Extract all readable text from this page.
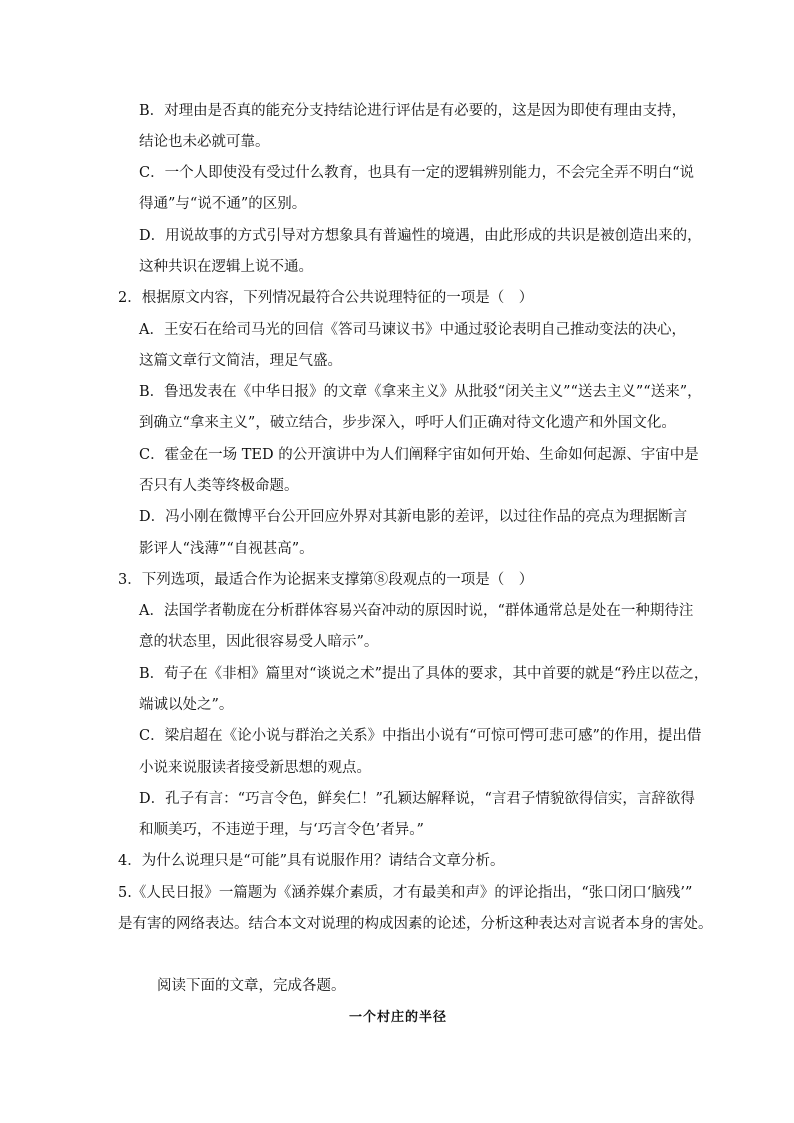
B．对理由是否真的能充分支持结论进行评估是有必要的，这是因为即使有理由支持，
结论也未必就可靠。
C．一个人即使没有受过什么教育，也具有一定的逻辑辨别能力，不会完全弄不明白“说
得通”与“说不通”的区别。
D．用说故事的方式引导对方想象具有普遍性的境遇，由此形成的共识是被创造出来的，
这种共识在逻辑上说不通。
2．根据原文内容，下列情况最符合公共说理特征的一项是（　）
A．王安石在给司马光的回信《答司马谏议书》中通过驳论表明自己推动变法的决心，
这篇文章行文简洁，理足气盛。
B．鲁迅发表在《中华日报》的文章《拿来主义》从批驳“闭关主义”“送去主义”“送来”，
到确立“拿来主义”，破立结合，步步深入，呼吁人们正确对待文化遗产和外国文化。
C．霍金在一场 TED 的公开演讲中为人们阐释宇宙如何开始、生命如何起源、宇宙中是
否只有人类等终极命题。
D．冯小刚在微博平台公开回应外界对其新电影的差评，以过往作品的亮点为理据断言
影评人“浅薄”“自视甚高”。
3．下列选项，最适合作为论据来支撑第⑧段观点的一项是（　）
A．法国学者勒庞在分析群体容易兴奋冲动的原因时说，“群体通常总是处在一种期待注
意的状态里，因此很容易受人暗示”。
B．荀子在《非相》篇里对“谈说之术”提出了具体的要求，其中首要的就是“矜庄以莅之，
端诚以处之”。
C．梁启超在《论小说与群治之关系》中指出小说有“可惊可愕可悲可感”的作用，提出借
小说来说服读者接受新思想的观点。
D．孔子有言：“巧言令色，鲜矣仁！”孔颖达解释说，“言君子情貌欲得信实，言辞欲得
和顺美巧，不违逆于理，与‘巧言令色’者异。”
4．为什么说理只是“可能”具有说服作用？请结合文章分析。
5.《人民日报》一篇题为《涵养媒介素质，才有最美和声》的评论指出，“张口闭口‘脑残’”
是有害的网络表达。结合本文对说理的构成因素的论述，分析这种表达对言说者本身的害处。
阅读下面的文章，完成各题。
一个村庄的半径
